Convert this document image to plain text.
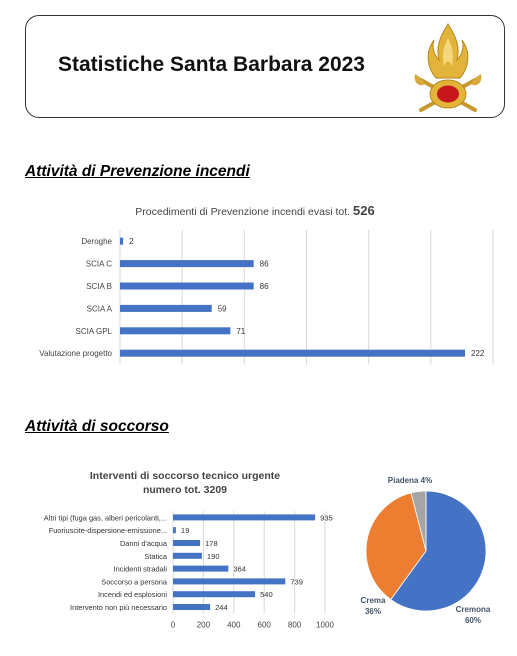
Statistiche Santa Barbara 2023
Attività di Prevenzione incendi
Procedimenti di Prevenzione incendi evasi tot. 526
Deroghe 2
SCIA C	86
SCIA B	86
SCIA A	59
SCIA GPL	71
Valutazione progetto	222
Attività di soccorso
Interventi di soccorso tecnico urgente
numero tot. 3209
Altri tipi (fuga gas, alberi pericolanti,...	935
Fuoriuscite-dispersione-emissione... 19
Danni d'acqua	178
Statica	190
Incidenti stradali	364
Soccorso a persona	739
Incendi ed esplosioni	540
Intervento non più necessario	244
0	200 400 600 800 1000
Cremona
60%
Crema
36%
Piadena 4%
